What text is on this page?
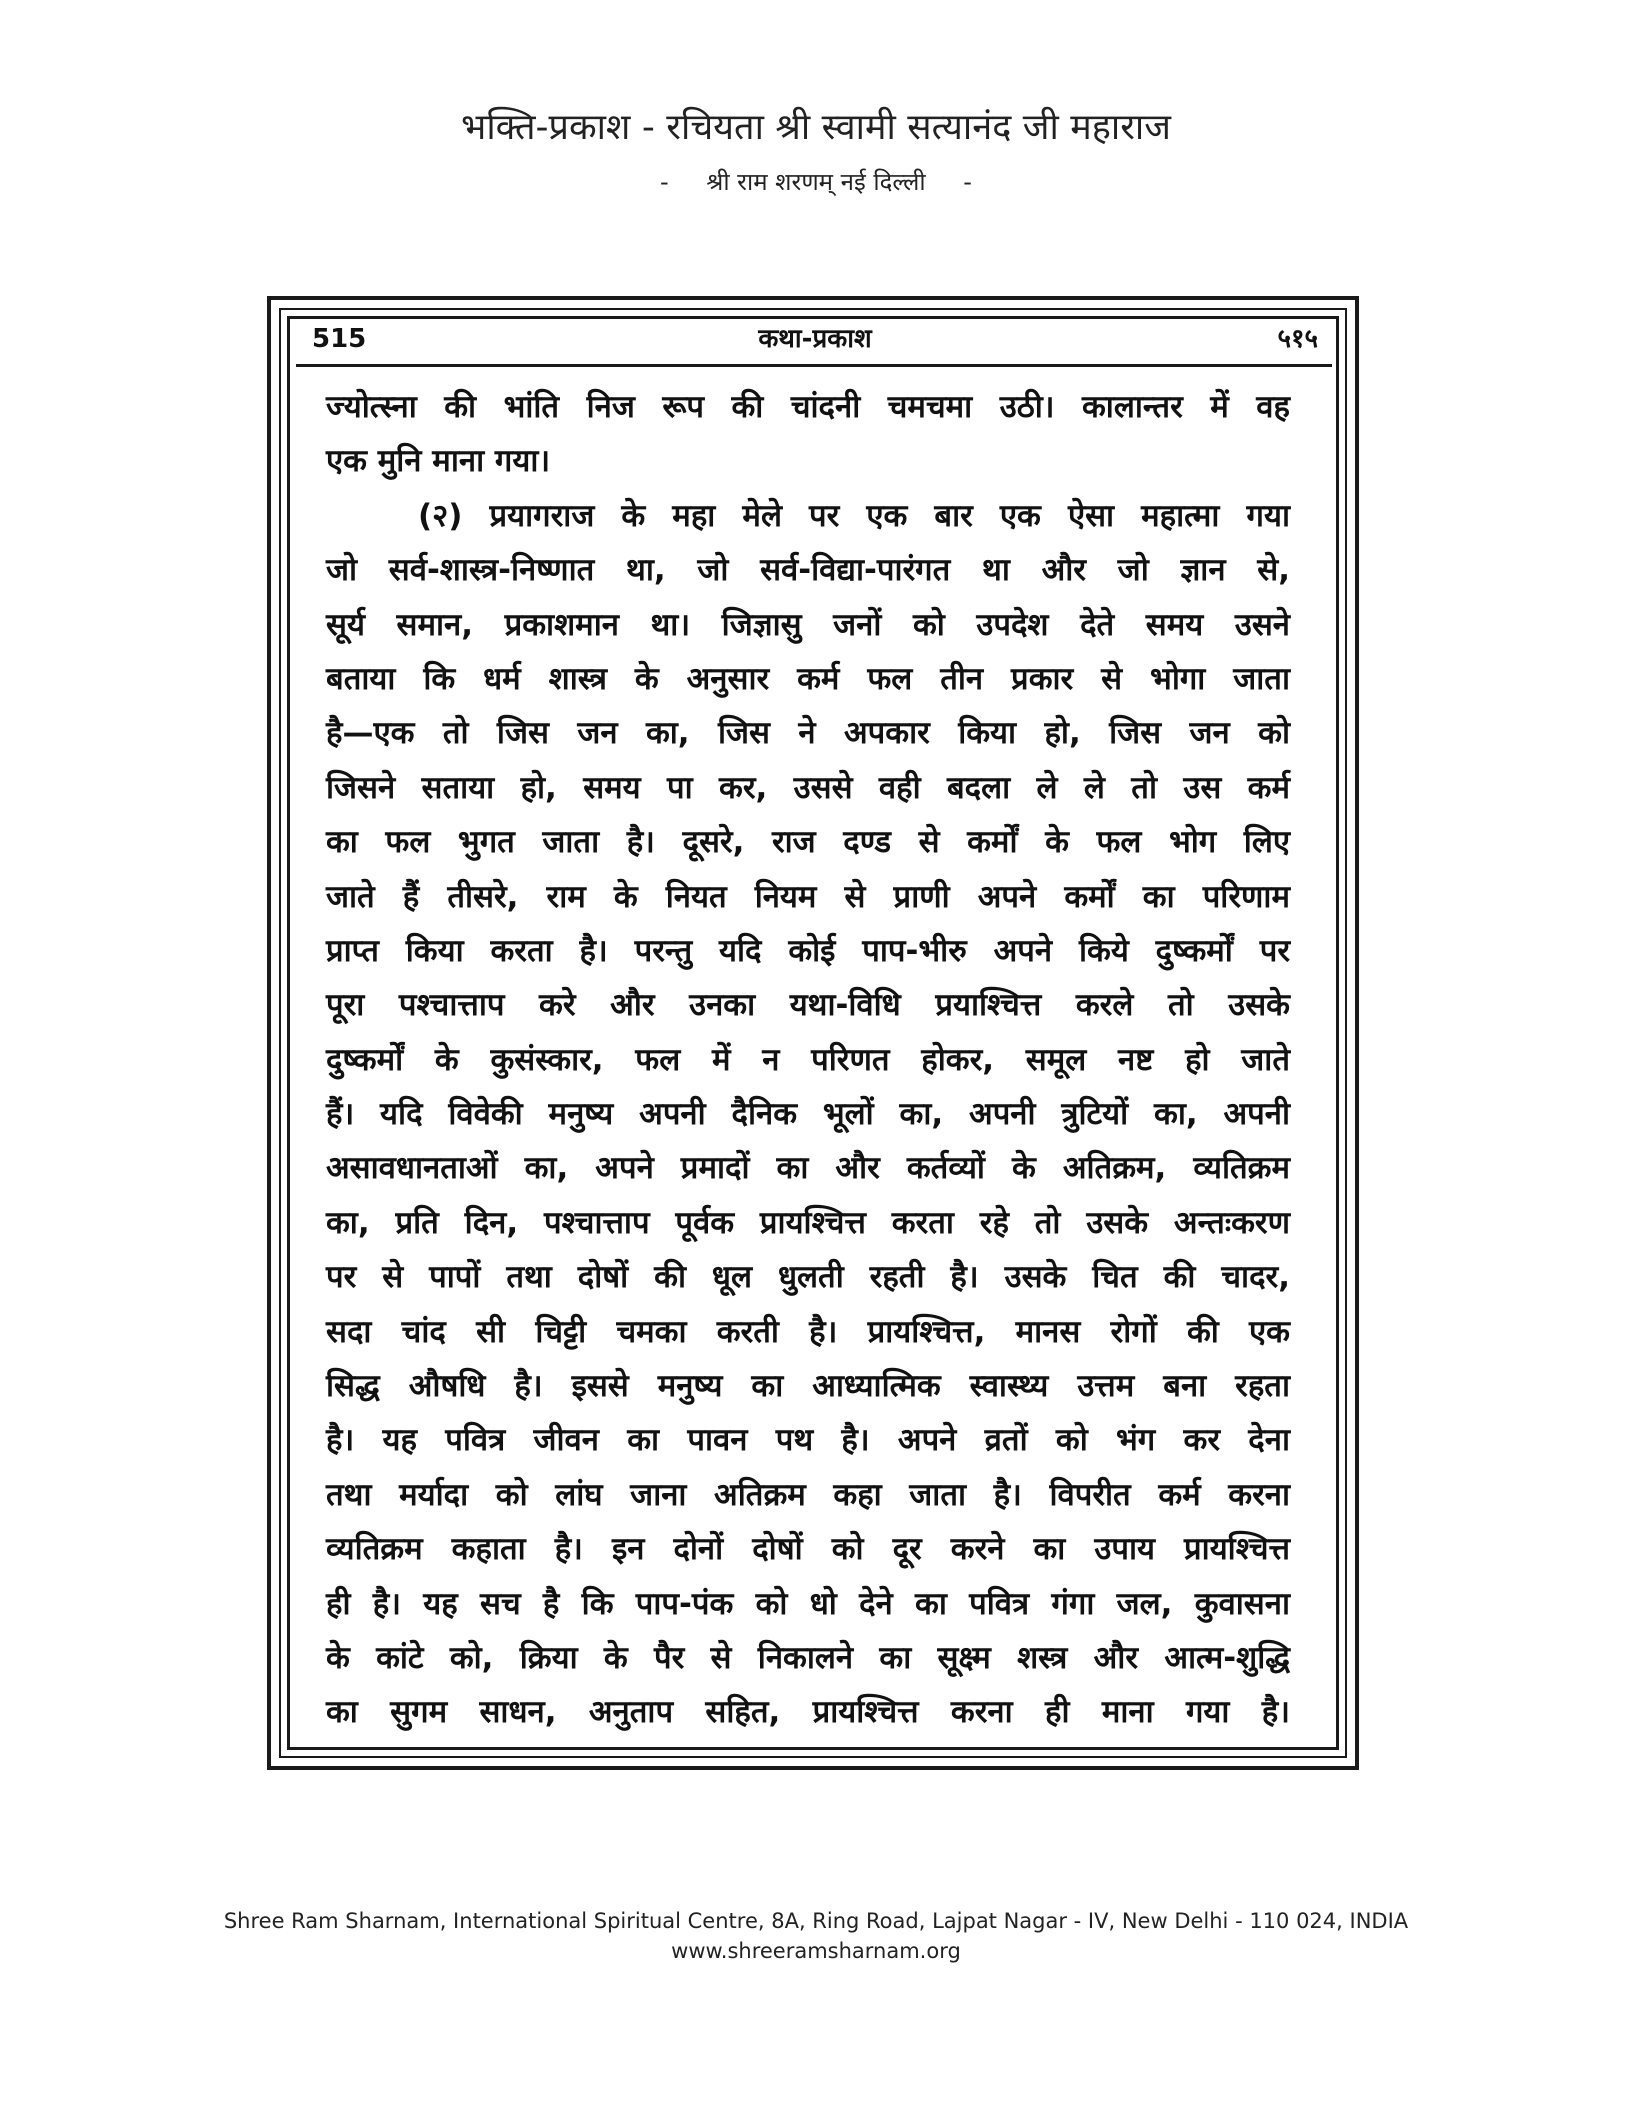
भक्ति-प्रकाश - रचियता श्री स्वामी सत्यानंद जी महाराज
- श्री राम शरणम् नई दिल्ली -
515	कथा-प्रकाश	५१५
ज्योत्स्ना की भांति निज रूप की चांदनी चमचमा उठी। कालान्तर में वह
एक मुनि माना गया।
(२) प्रयागराज के महा मेले पर एक बार एक ऐसा महात्मा गया
जो सर्व-शास्त्र-निष्णात था, जो सर्व-विद्या-पारंगत था और जो ज्ञान से,
सूर्य समान, प्रकाशमान था। जिज्ञासु जनों को उपदेश देते समय उसने
बताया कि धर्म शास्त्र के अनुसार कर्म फल तीन प्रकार से भोगा जाता
है—एक तो जिस जन का, जिस ने अपकार किया हो, जिस जन को
जिसने सताया हो, समय पा कर, उससे वही बदला ले ले तो उस कर्म
का फल भुगत जाता है। दूसरे, राज दण्ड से कर्मों के फल भोग लिए
जाते हैं तीसरे, राम के नियत नियम से प्राणी अपने कर्मों का परिणाम
प्राप्त किया करता है। परन्तु यदि कोई पाप-भीरु अपने किये दुष्कर्मों पर
पूरा पश्चात्ताप करे और उनका यथा-विधि प्रयाश्चित्त करले तो उसके
दुष्कर्मों के कुसंस्कार, फल में न परिणत होकर, समूल नष्ट हो जाते
हैं। यदि विवेकी मनुष्य अपनी दैनिक भूलों का, अपनी त्रुटियों का, अपनी
असावधानताओं का, अपने प्रमादों का और कर्तव्यों के अतिक्रम, व्यतिक्रम
का, प्रति दिन, पश्चात्ताप पूर्वक प्रायश्चित्त करता रहे तो उसके अन्तःकरण
पर से पापों तथा दोषों की धूल धुलती रहती है। उसके चित की चादर,
सदा चांद सी चिट्टी चमका करती है। प्रायश्चित्त, मानस रोगों की एक
सिद्ध औषधि है। इससे मनुष्य का आध्यात्मिक स्वास्थ्य उत्तम बना रहता
है। यह पवित्र जीवन का पावन पथ है। अपने व्रतों को भंग कर देना
तथा मर्यादा को लांघ जाना अतिक्रम कहा जाता है। विपरीत कर्म करना
व्यतिक्रम कहाता है। इन दोनों दोषों को दूर करने का उपाय प्रायश्चित्त
ही है। यह सच है कि पाप-पंक को धो देने का पवित्र गंगा जल, कुवासना
के कांटे को, क्रिया के पैर से निकालने का सूक्ष्म शस्त्र और आत्म-शुद्धि
का सुगम साधन, अनुताप सहित, प्रायश्चित्त करना ही माना गया है।
Shree Ram Sharnam, International Spiritual Centre, 8A, Ring Road, Lajpat Nagar - IV, New Delhi - 110 024, INDIA
www.shreeramsharnam.org
